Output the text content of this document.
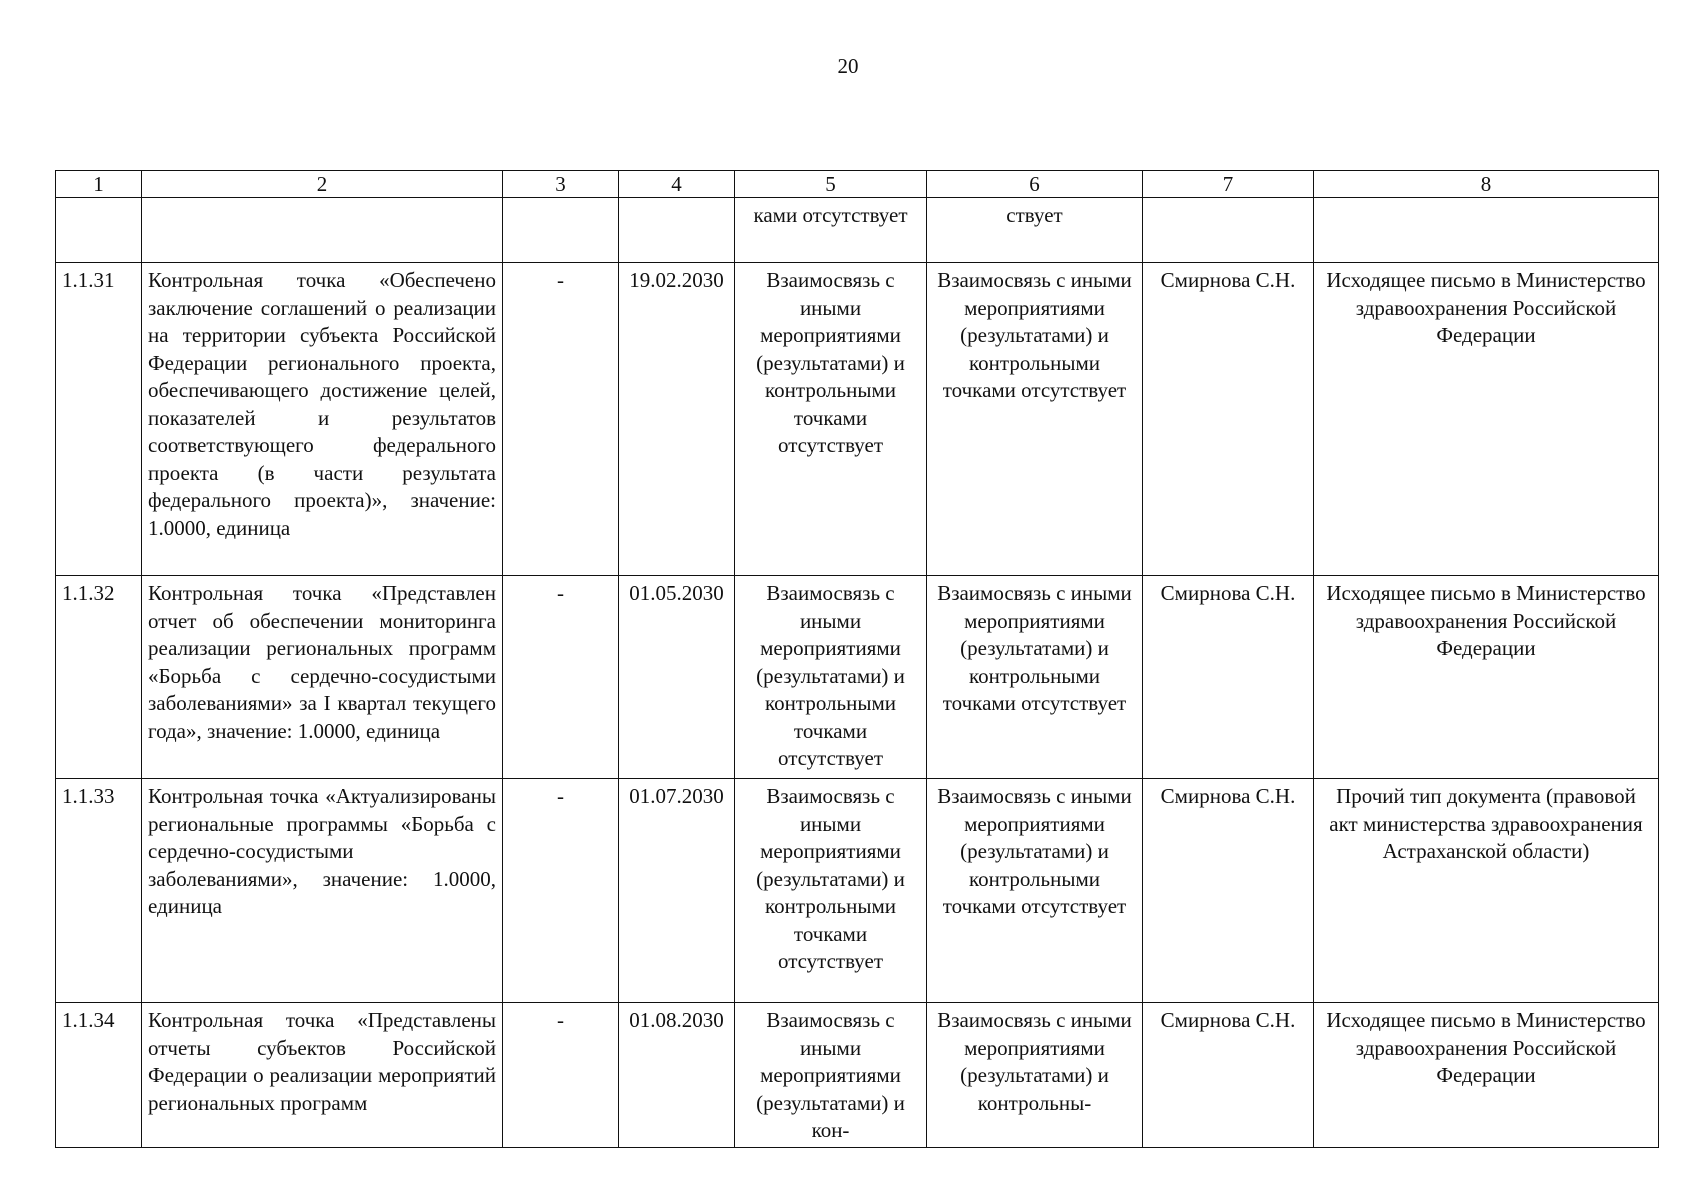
20
1	2	3	4	5	6	7	8
				ками отсутствует	ствует		
1.1.31	Контрольная точка «Обеспечено заключение соглашений о реализации на территории субъекта Российской Федерации регионального проекта, обеспечивающего достижение целей, показателей и результатов соответствующего федерального проекта (в части результата федерального проекта)», значение: 1.0000, единица	-	19.02.2030	Взаимосвязь с иными мероприятиями (результатами) и контрольными точками отсутствует	Взаимосвязь с иными мероприятиями (результатами) и контрольными точками отсутствует	Смирнова С.Н.	Исходящее письмо в Министерство здравоохранения Российской Федерации
1.1.32	Контрольная точка «Представлен отчет об обеспечении мониторинга реализации региональных программ «Борьба с сердечно-сосудистыми заболеваниями» за I квартал текущего года», значение: 1.0000, единица	-	01.05.2030	Взаимосвязь с иными мероприятиями (результатами) и контрольными точками отсутствует	Взаимосвязь с иными мероприятиями (результатами) и контрольными точками отсутствует	Смирнова С.Н.	Исходящее письмо в Министерство здравоохранения Российской Федерации
1.1.33	Контрольная точка «Актуализированы региональные программы «Борьба с сердечно-сосудистыми заболеваниями», значение: 1.0000, единица	-	01.07.2030	Взаимосвязь с иными мероприятиями (результатами) и контрольными точками отсутствует	Взаимосвязь с иными мероприятиями (результатами) и контрольными точками отсутствует	Смирнова С.Н.	Прочий тип документа (правовой акт министерства здравоохранения Астраханской области)
1.1.34	Контрольная точка «Представлены отчеты субъектов Российской Федерации о реализации мероприятий региональных программ	-	01.08.2030	Взаимосвязь с иными мероприятиями (результатами) и кон-	Взаимосвязь с иными мероприятиями (результатами) и контрольны-	Смирнова С.Н.	Исходящее письмо в Министерство здравоохранения Российской Федерации
